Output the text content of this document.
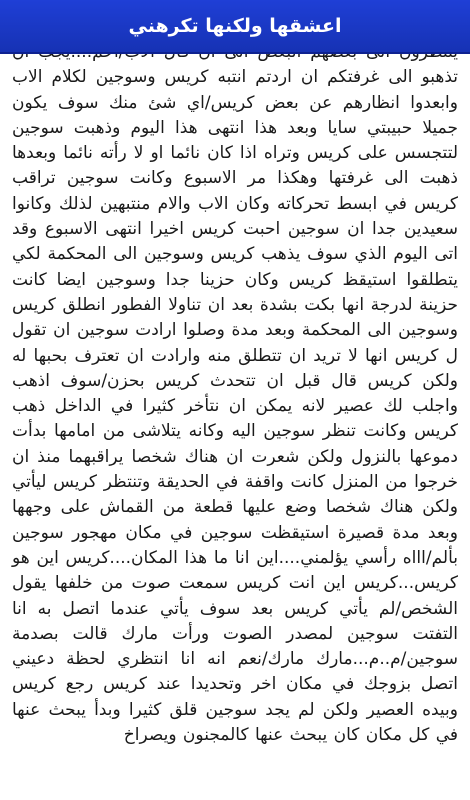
اعشقها ولكنها تكرهني

تذهبو الى غرفتكم ان اردتم انتبه كريس وسوجين لكلام الاب وابعدوا انظارهم عن بعض كريس/اي شئ منك سوف يكون جميلا حبيبتي سايا وبعد هذا انتهى هذا اليوم وذهبت سوجين لتتجسس على كريس وتراه اذا كان نائما او لا رأته نائما وبعدها ذهبت الى غرفتها وهكذا مر الاسبوع وكانت سوجين تراقب كريس في ابسط تحركاته وكان الاب والام منتبهين لذلك وكانوا سعيدين جدا ان سوجين احبت كريس اخيرا انتهى الاسبوع وقد اتى اليوم الذي سوف يذهب كريس وسوجين الى المحكمة لكي يتطلقوا استيقظ كريس وكان حزينا جدا وسوجين ايضا كانت حزينة لدرجة انها بكت بشدة بعد ان تناولا الفطور انطلق كريس وسوجين الى المحكمة وبعد مدة وصلوا ارادت سوجين ان تقول ل كريس انها لا تريد ان تتطلق منه وارادت ان تعترف بحبها له ولكن كريس قال قبل ان تتحدث كريس بحزن/سوف اذهب واجلب لك عصير لانه يمكن ان نتأخر كثيرا في الداخل ذهب كريس وكانت تنظر سوجين اليه وكانه يتلاشى من امامها بدأت دموعها بالنزول ولكن شعرت ان هناك شخصا يراقبهما منذ ان خرجوا من المنزل كانت واقفة في الحديقة وتنتظر كريس ليأتي ولكن هناك شخصا وضع عليها قطعة من القماش على وجهها وبعد مدة قصيرة استيقظت سوجين في مكان مهجور سوجين بألم/اااه رأسي يؤلمني....اين انا ما هذا المكان....كريس اين هو كريس...كريس اين انت كريس سمعت صوت من خلفها يقول الشخص/لم يأتي كريس بعد سوف يأتي عندما اتصل به انا التفتت سوجين لمصدر الصوت ورأت مارك قالت بصدمة سوجين/م..م...مارك مارك/نعم انه انا انتظري لحظة دعيني اتصل بزوجك في مكان اخر وتحديدا عند كريس رجع كريس وبيده العصير ولكن لم يجد سوجين قلق كثيرا وبدأ يبحث عنها في كل مكان كان يبحث عنها كالمجنون ويصراخ
